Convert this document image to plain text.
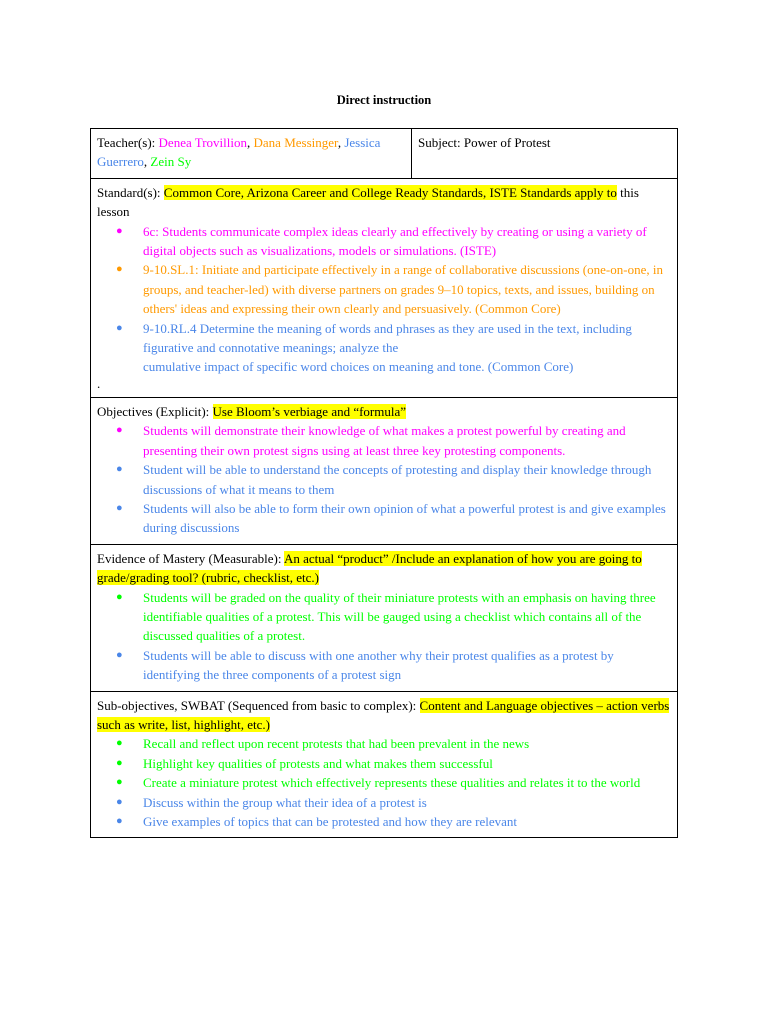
Direct instruction
Teacher(s): Denea Trovillion, Dana Messinger, Jessica Guerrero, Zein Sy	Subject: Power of Protest

Standard(s): Common Core, Arizona Career and College Ready Standards, ISTE Standards apply to this lesson
● 6c: Students communicate complex ideas clearly and effectively by creating or using a variety of digital objects such as visualizations, models or simulations. (ISTE)
● 9-10.SL.1: Initiate and participate effectively in a range of collaborative discussions (one-on-one, in groups, and teacher-led) with diverse partners on grades 9–10 topics, texts, and issues, building on others' ideas and expressing their own clearly and persuasively. (Common Core)
● 9-10.RL.4 Determine the meaning of words and phrases as they are used in the text, including figurative and connotative meanings; analyze the
cumulative impact of specific word choices on meaning and tone. (Common Core)
.

Objectives (Explicit): Use Bloom’s verbiage and “formula”
● Students will demonstrate their knowledge of what makes a protest powerful by creating and presenting their own protest signs using at least three key protesting components.
● Student will be able to understand the concepts of protesting and display their knowledge through discussions of what it means to them
● Students will also be able to form their own opinion of what a powerful protest is and give examples during discussions

Evidence of Mastery (Measurable): An actual “product” /Include an explanation of how you are going to grade/grading tool? (rubric, checklist, etc.)
● Students will be graded on the quality of their miniature protests with an emphasis on having three identifiable qualities of a protest. This will be gauged using a checklist which contains all of the discussed qualities of a protest.
● Students will be able to discuss with one another why their protest qualifies as a protest by identifying the three components of a protest sign

Sub-objectives, SWBAT (Sequenced from basic to complex): Content and Language objectives – action verbs such as write, list, highlight, etc.)
● Recall and reflect upon recent protests that had been prevalent in the news
● Highlight key qualities of protests and what makes them successful
● Create a miniature protest which effectively represents these qualities and relates it to the world
● Discuss within the group what their idea of a protest is
● Give examples of topics that can be protested and how they are relevant
